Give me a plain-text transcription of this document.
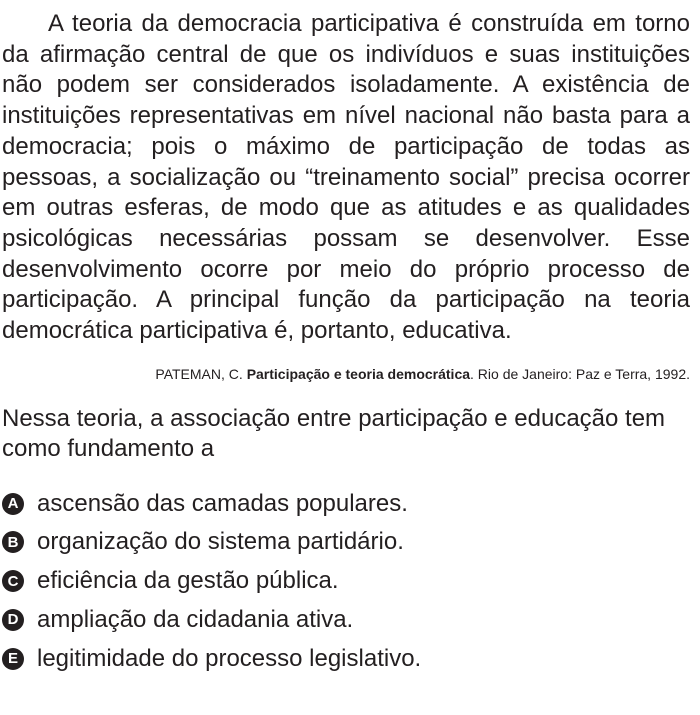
A teoria da democracia participativa é construída em torno da afirmação central de que os indivíduos e suas instituições não podem ser considerados isoladamente. A existência de instituições representativas em nível nacional não basta para a democracia; pois o máximo de participação de todas as pessoas, a socialização ou “treinamento social” precisa ocorrer em outras esferas, de modo que as atitudes e as qualidades psicológicas necessárias possam se desenvolver. Esse desenvolvimento ocorre por meio do próprio processo de participação. A principal função da participação na teoria democrática participativa é, portanto, educativa.

PATEMAN, C. Participação e teoria democrática. Rio de Janeiro: Paz e Terra, 1992.

Nessa teoria, a associação entre participação e educação tem como fundamento a

A ascensão das camadas populares.
B organização do sistema partidário.
C eficiência da gestão pública.
D ampliação da cidadania ativa.
E legitimidade do processo legislativo.
